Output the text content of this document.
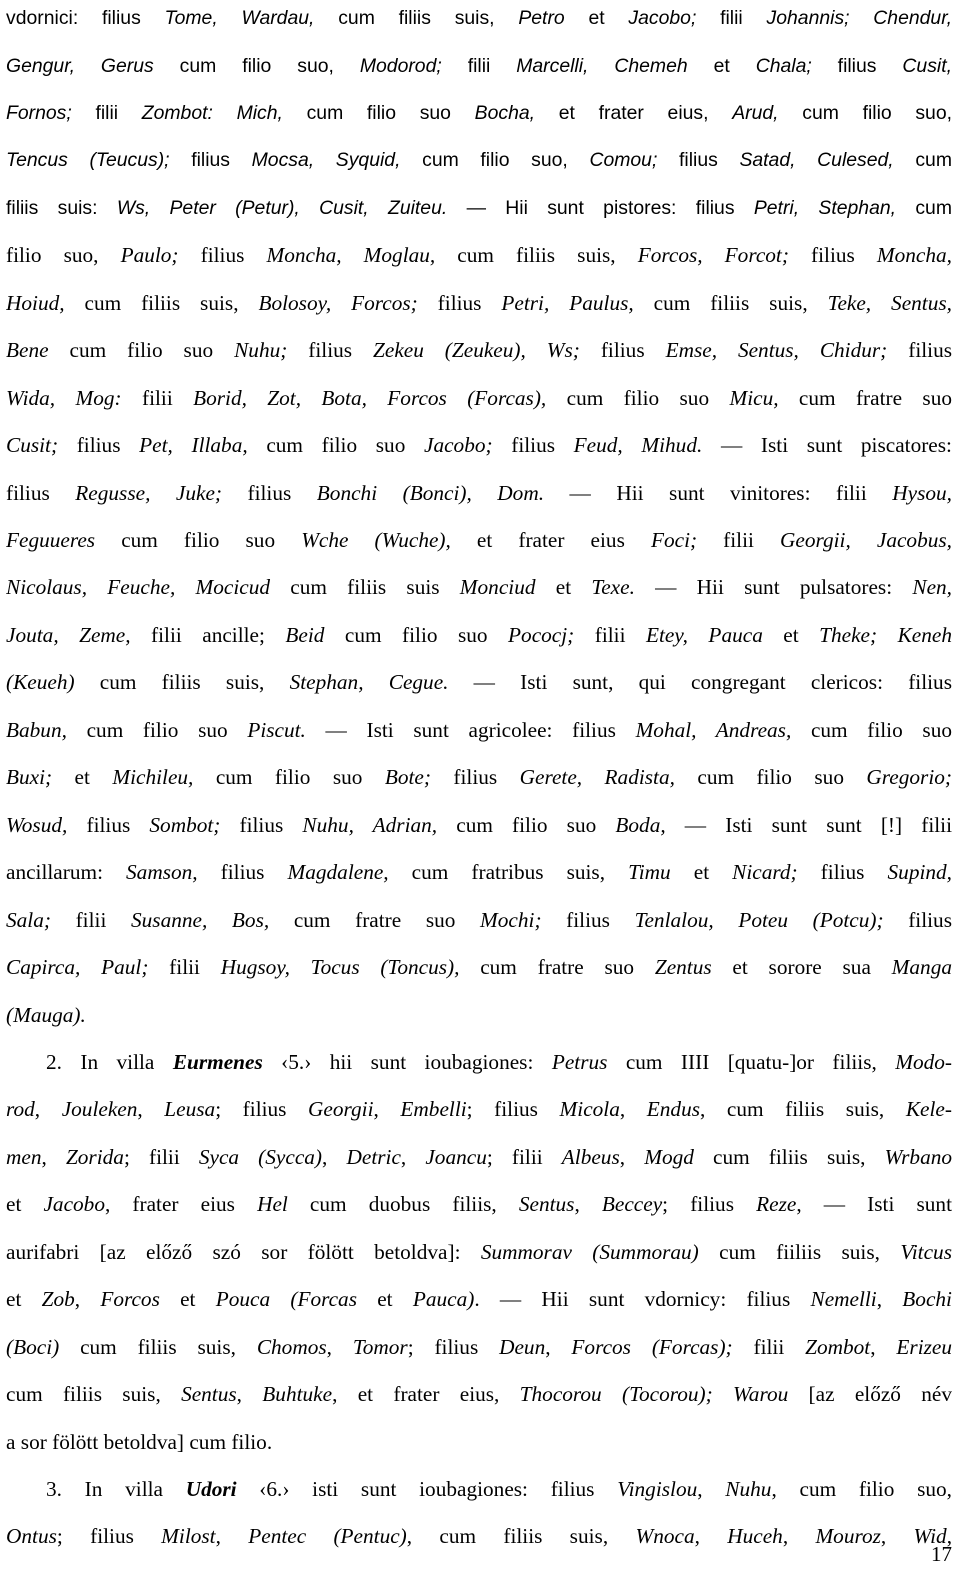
vdornici: filius Tome, Wardau, cum filiis suis, Petro et Jacobo; filii Johannis; Chendur,
Gengur, Gerus cum filio suo, Modorod; filii Marcelli, Chemeh et Chala; filius Cusit,
Fornos; filii Zombot: Mich, cum filio suo Bocha, et frater eius, Arud, cum filio suo,
Tencus (Teucus); filius Mocsa, Syquid, cum filio suo, Comou; filius Satad, Culesed, cum
filiis suis: Ws, Peter (Petur), Cusit, Zuiteu. — Hii sunt pistores: filius Petri, Stephan, cum
filio suo, Paulo; filius Moncha, Moglau, cum filiis suis, Forcos, Forcot; filius Moncha,
Hoiud, cum filiis suis, Bolosoy, Forcos; filius Petri, Paulus, cum filiis suis, Teke, Sentus,
Bene cum filio suo Nuhu; filius Zekeu (Zeukeu), Ws; filius Emse, Sentus, Chidur; filius
Wida, Mog: filii Borid, Zot, Bota, Forcos (Forcas), cum filio suo Micu, cum fratre suo
Cusit; filius Pet, Illaba, cum filio suo Jacobo; filius Feud, Mihud. — Isti sunt piscatores:
filius Regusse, Juke; filius Bonchi (Bonci), Dom. — Hii sunt vinitores: filii Hysou,
Feguueres cum filio suo Wche (Wuche), et frater eius Foci; filii Georgii, Jacobus,
Nicolaus, Feuche, Mocicud cum filiis suis Monciud et Texe. — Hii sunt pulsatores: Nen,
Jouta, Zeme, filii ancille; Beid cum filio suo Pococj; filii Etey, Pauca et Theke; Keneh
(Keueh) cum filiis suis, Stephan, Cegue. — Isti sunt, qui congregant clericos: filius
Babun, cum filio suo Piscut. — Isti sunt agricolee: filius Mohal, Andreas, cum filio suo
Buxi; et Michileu, cum filio suo Bote; filius Gerete, Radista, cum filio suo Gregorio;
Wosud, filius Sombot; filius Nuhu, Adrian, cum filio suo Boda, — Isti sunt sunt [!] filii
ancillarum: Samson, filius Magdalene, cum fratribus suis, Timu et Nicard; filius Supind,
Sala; filii Susanne, Bos, cum fratre suo Mochi; filius Tenlalou, Poteu (Potcu); filius
Capirca, Paul; filii Hugsoy, Tocus (Toncus), cum fratre suo Zentus et sorore sua Manga
(Mauga).
2. In villa Eurmenes ‹5.› hii sunt ioubagiones: Petrus cum IIII [quatu-]or filiis, Modo-
rod, Jouleken, Leusa; filius Georgii, Embelli; filius Micola, Endus, cum filiis suis, Kele-
men, Zorida; filii Syca (Sycca), Detric, Joancu; filii Albeus, Mogd cum filiis suis, Wrbano
et Jacobo, frater eius Hel cum duobus filiis, Sentus, Beccey; filius Reze, — Isti sunt
aurifabri [az előző szó sor fölött betoldva]: Summorav (Summorau) cum fiiliis suis, Vitcus
et Zob, Forcos et Pouca (Forcas et Pauca). — Hii sunt vdornicy: filius Nemelli, Bochi
(Boci) cum filiis suis, Chomos, Tomor; filius Deun, Forcos (Forcas); filii Zombot, Erizeu
cum filiis suis, Sentus, Buhtuke, et frater eius, Thocorou (Tocorou); Warou [az előző név
a sor fölött betoldva] cum filio.
3. In villa Udori ‹6.› isti sunt ioubagiones: filius Vingislou, Nuhu, cum filio suo,
Ontus; filius Milost, Pentec (Pentuc), cum filiis suis, Wnoca, Huceh, Mouroz, Wid,
17
